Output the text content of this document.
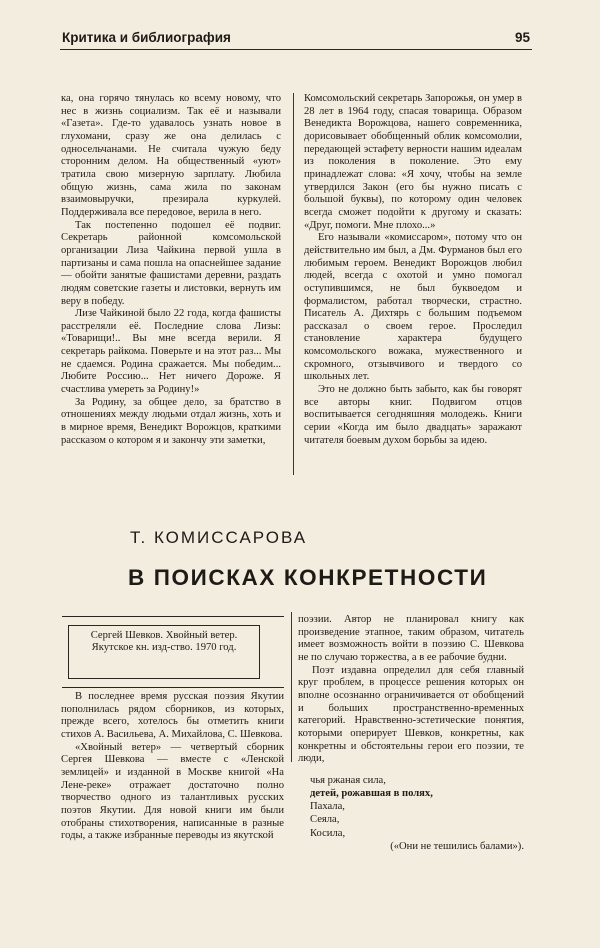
Критика и библиография	95

ка, она горячо тянулась ко всему новому, что нес в жизнь социализм. Так её и называли «Газета». Где-то удавалось узнать новое в глухомани, сразу же она делилась с односельчанами. Не считала чужую беду сторонним делом. На общественный «уют» тратила свою мизерную зарплату. Любила общую жизнь, сама жила по законам взаимовыручки, презирала куркулей. Поддерживала все передовое, верила в него.

Так постепенно подошел её подвиг. Секретарь районной комсомольской организации Лиза Чайкина первой ушла в партизаны и сама пошла на опаснейшее задание — обойти занятые фашистами деревни, раздать людям советские газеты и листовки, вернуть им веру в победу.

Лизе Чайкиной было 22 года, когда фашисты расстреляли её. Последние слова Лизы: «Товарищи!.. Вы мне всегда верили. Я секретарь райкома. Поверьте и на этот раз... Мы не сдаемся. Родина сражается. Мы победим... Любите Россию... Нет ничего Дороже. Я счастлива умереть за Родину!»

За Родину, за общее дело, за братство в отношениях между людьми отдал жизнь, хоть и в мирное время, Венедикт Ворожцов, краткими рассказом о котором я и закончу эти заметки,

Комсомольский секретарь Запорожья, он умер в 28 лет в 1964 году, спасая товарища. Образом Венедикта Ворожцова, нашего современника, дорисовывает обобщенный облик комсомолии, передающей эстафету верности нашим идеалам из поколения в поколение. Это ему принадлежат слова: «Я хочу, чтобы на земле утвердился Закон (его бы нужно писать с большой буквы), по которому один человек всегда сможет подойти к другому и сказать: «Друг, помоги. Мне плохо...»

Его называли «комиссаром», потому что он действительно им был, а Дм. Фурманов был его любимым героем. Венедикт Ворожцов любил людей, всегда с охотой и умно помогал оступившимся, не был буквоедом и формалистом, работал творчески, страстно. Писатель А. Дихтярь с большим подъемом рассказал о своем герое. Проследил становление характера будущего комсомольского вожака, мужественного и скромного, отзывчивого и твердого со школьных лет.

Это не должно быть забыто, как бы говорят все авторы книг. Подвигом отцов воспитывается сегодняшняя молодежь. Книги серии «Когда им было двадцать» заражают читателя боевым духом борьбы за идею.

Т. КОМИССАРОВА
В ПОИСКАХ КОНКРЕТНОСТИ
Сергей Шевков. Хвойный ветер. Якутское кн. изд-ство. 1970 год.

В последнее время русская поэзия Якутии пополнилась рядом сборников, из которых, прежде всего, хотелось бы отметить книги стихов А. Васильева, А. Михайлова, С. Шевкова.

«Хвойный ветер» — четвертый сборник Сергея Шевкова — вместе с «Ленской землицей» и изданной в Москве книгой «На Лене-реке» отражает достаточно полно творчество одного из талантливых русских поэтов Якутии. Для новой книги им были отобраны стихотворения, написанные в разные годы, а также избранные переводы из якутской

поэзии. Автор не планировал книгу как произведение этапное, таким образом, читатель имеет возможность войти в поэзию С. Шевкова не по случаю торжества, а в ее рабочие будни.

Поэт издавна определил для себя главный круг проблем, в процессе решения которых он вполне осознанно ограничивается от обобщений и больших пространственно-временных категорий. Нравственно-эстетические понятия, которыми оперирует Шевков, конкретны, как конкретны и обстоятельны герои его поэзии, те люди,

чья ржаная сила,
детей, рожавшая в полях,
Пахала,
Сеяла,
Косила,
(«Они не тешились балами»).
